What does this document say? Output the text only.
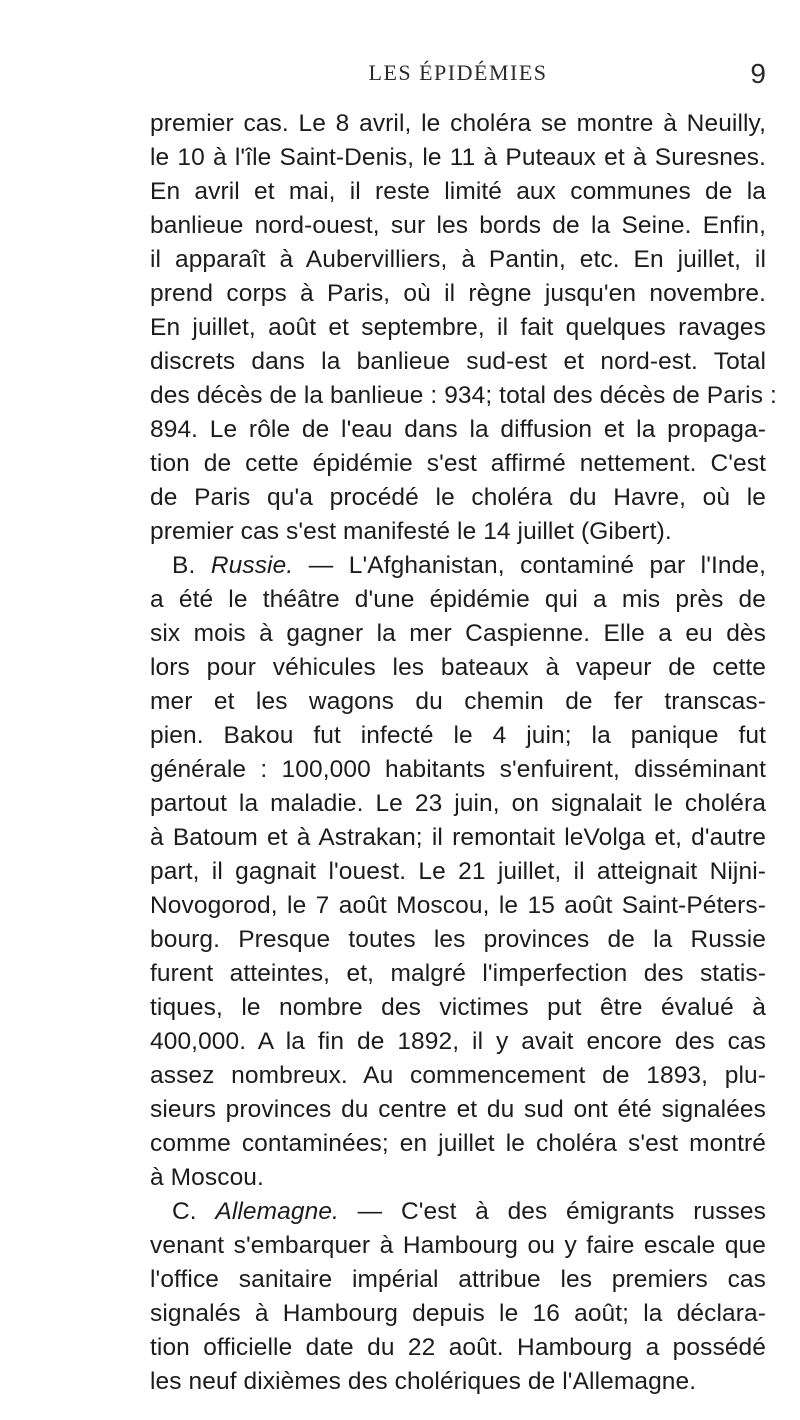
LES ÉPIDÉMIES	9
premier cas. Le 8 avril, le choléra se montre à Neuilly,
le 10 à l'île Saint-Denis, le 11 à Puteaux et à Suresnes.
En avril et mai, il reste limité aux communes de la
banlieue nord-ouest, sur les bords de la Seine. Enfin,
il apparaît à Aubervilliers, à Pantin, etc. En juillet, il
prend corps à Paris, où il règne jusqu'en novembre.
En juillet, août et septembre, il fait quelques ravages
discrets dans la banlieue sud-est et nord-est. Total
des décès de la banlieue : 934; total des décès de Paris :
894. Le rôle de l'eau dans la diffusion et la propaga-
tion de cette épidémie s'est affirmé nettement. C'est
de Paris qu'a procédé le choléra du Havre, où le
premier cas s'est manifesté le 14 juillet (Gibert).
B. Russie. — L'Afghanistan, contaminé par l'Inde,
a été le théâtre d'une épidémie qui a mis près de
six mois à gagner la mer Caspienne. Elle a eu dès
lors pour véhicules les bateaux à vapeur de cette
mer et les wagons du chemin de fer transcas-
pien. Bakou fut infecté le 4 juin; la panique fut
générale : 100,000 habitants s'enfuirent, disséminant
partout la maladie. Le 23 juin, on signalait le choléra
à Batoum et à Astrakan; il remontait leVolga et, d'autre
part, il gagnait l'ouest. Le 21 juillet, il atteignait Nijni-
Novogorod, le 7 août Moscou, le 15 août Saint-Péters-
bourg. Presque toutes les provinces de la Russie
furent atteintes, et, malgré l'imperfection des statis-
tiques, le nombre des victimes put être évalué à
400,000. A la fin de 1892, il y avait encore des cas
assez nombreux. Au commencement de 1893, plu-
sieurs provinces du centre et du sud ont été signalées
comme contaminées; en juillet le choléra s'est montré
à Moscou.
C. Allemagne. — C'est à des émigrants russes
venant s'embarquer à Hambourg ou y faire escale que
l'office sanitaire impérial attribue les premiers cas
signalés à Hambourg depuis le 16 août; la déclara-
tion officielle date du 22 août. Hambourg a possédé
les neuf dixièmes des cholériques de l'Allemagne.
